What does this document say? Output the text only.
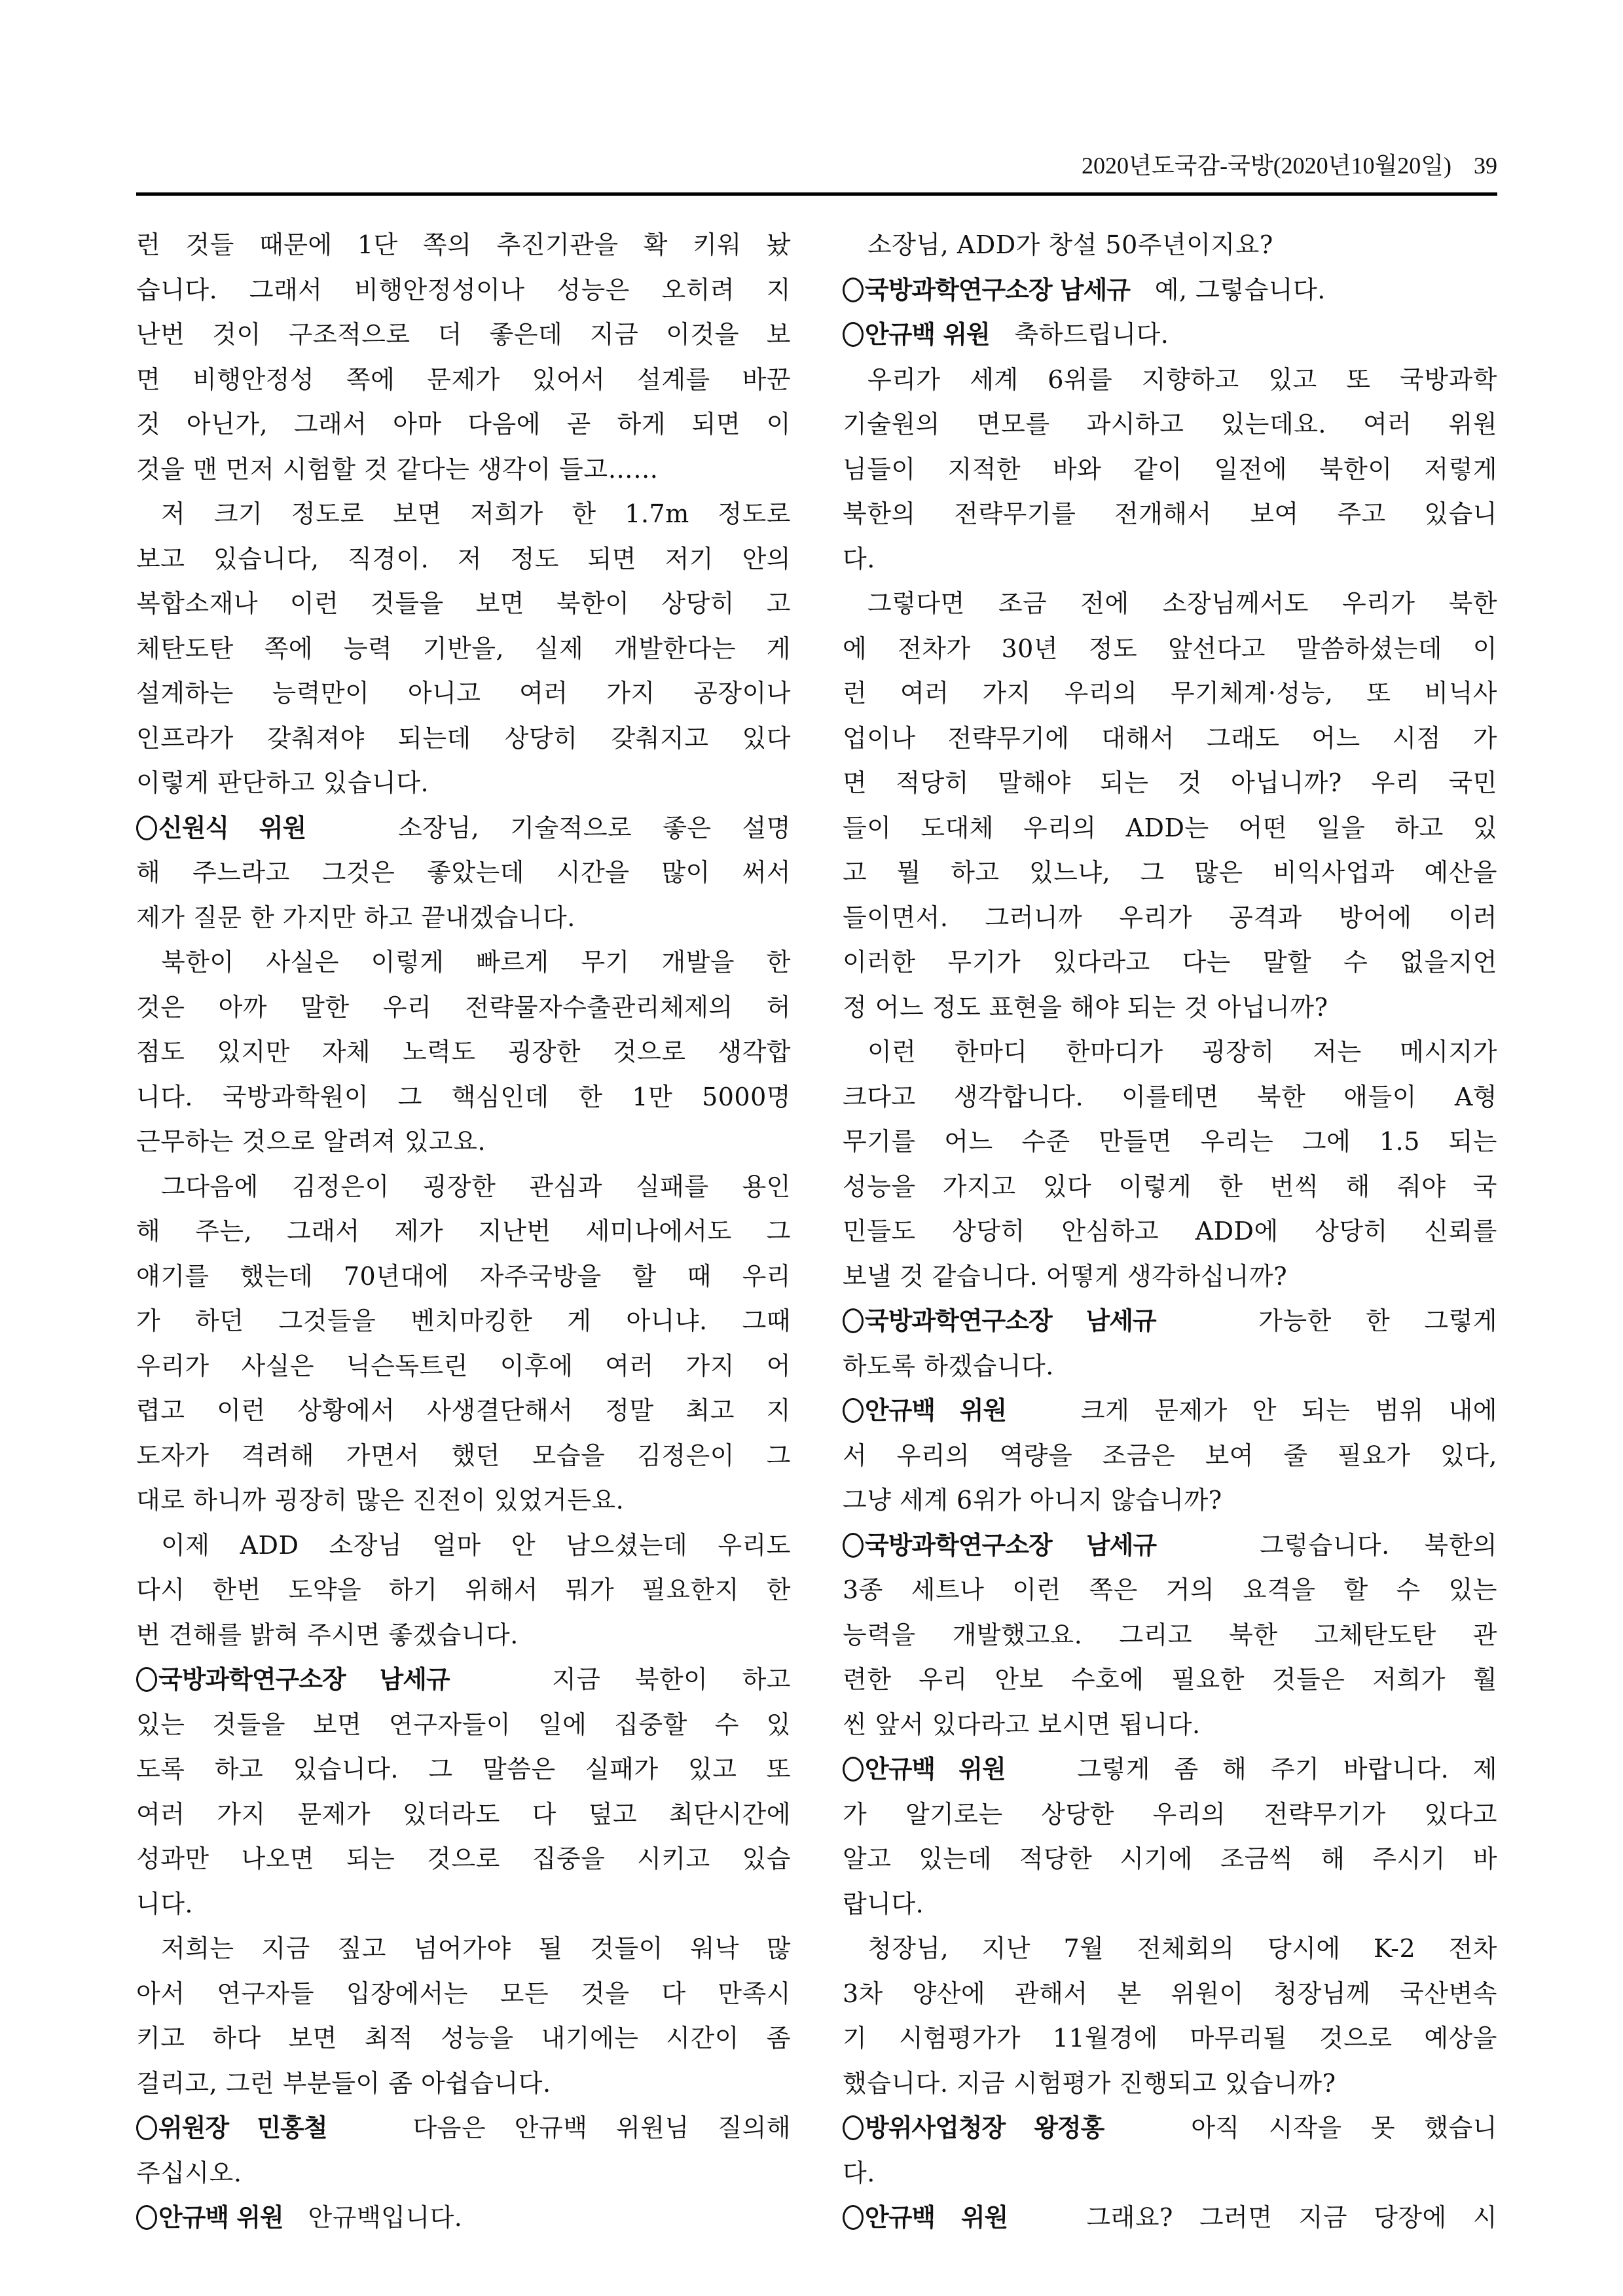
2020년도국감-국방(2020년10월20일) 39
런 것들 때문에 1단 쪽의 추진기관을 확 키워 놨
습니다. 그래서 비행안정성이나 성능은 오히려 지
난번 것이 구조적으로 더 좋은데 지금 이것을 보
면 비행안정성 쪽에 문제가 있어서 설계를 바꾼
것 아닌가, 그래서 아마 다음에 곧 하게 되면 이
것을 맨 먼저 시험할 것 같다는 생각이 들고……
저 크기 정도로 보면 저희가 한 1.7m 정도로
보고 있습니다, 직경이. 저 정도 되면 저기 안의
복합소재나 이런 것들을 보면 북한이 상당히 고
체탄도탄 쪽에 능력 기반을, 실제 개발한다는 게
설계하는 능력만이 아니고 여러 가지 공장이나
인프라가 갖춰져야 되는데 상당히 갖춰지고 있다
이렇게 판단하고 있습니다.
신원식 위원	소장님, 기술적으로 좋은 설명
해 주느라고 그것은 좋았는데 시간을 많이 써서
제가 질문 한 가지만 하고 끝내겠습니다.
북한이 사실은 이렇게 빠르게 무기 개발을 한
것은 아까 말한 우리 전략물자수출관리체제의 허
점도 있지만 자체 노력도 굉장한 것으로 생각합
니다. 국방과학원이 그 핵심인데 한 1만 5000명
근무하는 것으로 알려져 있고요.
그다음에 김정은이 굉장한 관심과 실패를 용인
해 주는, 그래서 제가 지난번 세미나에서도 그
얘기를 했는데 70년대에 자주국방을 할 때 우리
가 하던 그것들을 벤치마킹한 게 아니냐. 그때
우리가 사실은 닉슨독트린 이후에 여러 가지 어
렵고 이런 상황에서 사생결단해서 정말 최고 지
도자가 격려해 가면서 했던 모습을 김정은이 그
대로 하니까 굉장히 많은 진전이 있었거든요.
이제 ADD 소장님 얼마 안 남으셨는데 우리도
다시 한번 도약을 하기 위해서 뭐가 필요한지 한
번 견해를 밝혀 주시면 좋겠습니다.
국방과학연구소장 남세규	지금 북한이 하고
있는 것들을 보면 연구자들이 일에 집중할 수 있
도록 하고 있습니다. 그 말씀은 실패가 있고 또
여러 가지 문제가 있더라도 다 덮고 최단시간에
성과만 나오면 되는 것으로 집중을 시키고 있습
니다.
저희는 지금 짚고 넘어가야 될 것들이 워낙 많
아서 연구자들 입장에서는 모든 것을 다 만족시
키고 하다 보면 최적 성능을 내기에는 시간이 좀
걸리고, 그런 부분들이 좀 아쉽습니다.
위원장 민홍철	다음은 안규백 위원님 질의해
주십시오.
안규백 위원 안규백입니다.
소장님, ADD가 창설 50주년이지요?
국방과학연구소장 남세규 예, 그렇습니다.
안규백 위원 축하드립니다.
우리가 세계 6위를 지향하고 있고 또 국방과학
기술원의 면모를 과시하고 있는데요. 여러 위원
님들이 지적한 바와 같이 일전에 북한이 저렇게
북한의 전략무기를 전개해서 보여 주고 있습니
다.
그렇다면 조금 전에 소장님께서도 우리가 북한
에 전차가 30년 정도 앞선다고 말씀하셨는데 이
런 여러 가지 우리의 무기체계·성능, 또 비닉사
업이나 전략무기에 대해서 그래도 어느 시점 가
면 적당히 말해야 되는 것 아닙니까? 우리 국민
들이 도대체 우리의 ADD는 어떤 일을 하고 있
고 뭘 하고 있느냐, 그 많은 비익사업과 예산을
들이면서. 그러니까 우리가 공격과 방어에 이러
이러한 무기가 있다라고 다는 말할 수 없을지언
정 어느 정도 표현을 해야 되는 것 아닙니까?
이런 한마디 한마디가 굉장히 저는 메시지가
크다고 생각합니다. 이를테면 북한 애들이 A형
무기를 어느 수준 만들면 우리는 그에 1.5 되는
성능을 가지고 있다 이렇게 한 번씩 해 줘야 국
민들도 상당히 안심하고 ADD에 상당히 신뢰를
보낼 것 같습니다. 어떻게 생각하십니까?
국방과학연구소장 남세규	가능한 한 그렇게
하도록 하겠습니다.
안규백 위원	크게 문제가 안 되는 범위 내에
서 우리의 역량을 조금은 보여 줄 필요가 있다,
그냥 세계 6위가 아니지 않습니까?
국방과학연구소장 남세규	그렇습니다. 북한의
3종 세트나 이런 쪽은 거의 요격을 할 수 있는
능력을 개발했고요. 그리고 북한 고체탄도탄 관
련한 우리 안보 수호에 필요한 것들은 저희가 훨
씬 앞서 있다라고 보시면 됩니다.
안규백 위원	그렇게 좀 해 주기 바랍니다. 제
가 알기로는 상당한 우리의 전략무기가 있다고
알고 있는데 적당한 시기에 조금씩 해 주시기 바
랍니다.
청장님, 지난 7월 전체회의 당시에 K-2 전차
3차 양산에 관해서 본 위원이 청장님께 국산변속
기 시험평가가 11월경에 마무리될 것으로 예상을
했습니다. 지금 시험평가 진행되고 있습니까?
방위사업청장 왕정홍	아직 시작을 못 했습니
다.
안규백 위원	그래요? 그러면 지금 당장에 시
